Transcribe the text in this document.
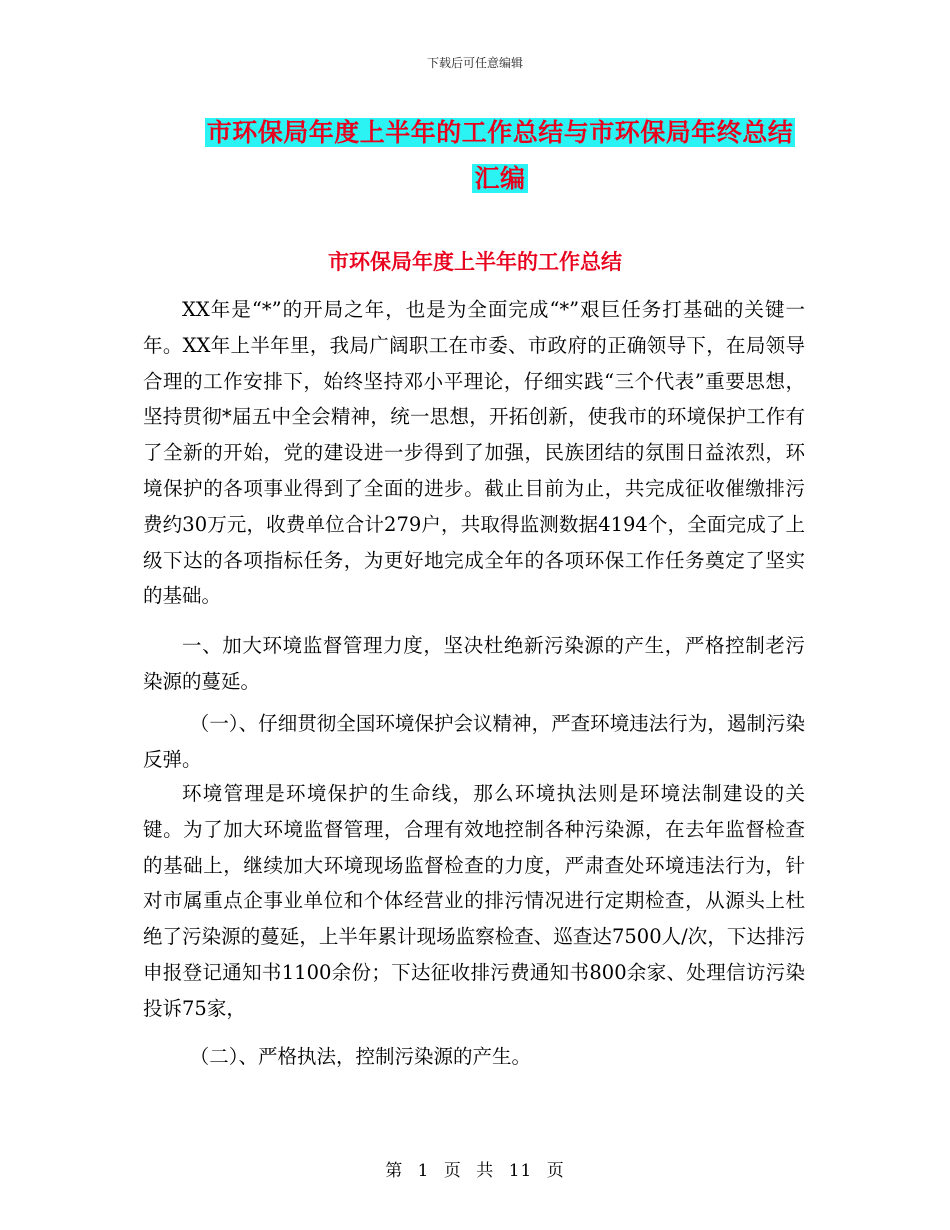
下载后可任意编辑
市环保局年度上半年的工作总结与市环保局年终总结
汇编
市环保局年度上半年的工作总结

XX年是“*”的开局之年，也是为全面完成“*”艰巨任务打基础的关键一年。XX年上半年里，我局广阔职工在市委、市政府的正确领导下，在局领导合理的工作安排下，始终坚持邓小平理论，仔细实践“三个代表”重要思想，坚持贯彻*届五中全会精神，统一思想，开拓创新，使我市的环境保护工作有了全新的开始，党的建设进一步得到了加强，民族团结的氛围日益浓烈，环境保护的各项事业得到了全面的进步。截止目前为止，共完成征收催缴排污费约30万元，收费单位合计279户，共取得监测数据4194个，全面完成了上级下达的各项指标任务，为更好地完成全年的各项环保工作任务奠定了坚实的基础。

一、加大环境监督管理力度，坚决杜绝新污染源的产生，严格控制老污染源的蔓延。

（一）、仔细贯彻全国环境保护会议精神，严查环境违法行为，遏制污染反弹。

环境管理是环境保护的生命线，那么环境执法则是环境法制建设的关键。为了加大环境监督管理，合理有效地控制各种污染源，在去年监督检查的基础上，继续加大环境现场监督检查的力度，严肃查处环境违法行为，针对市属重点企事业单位和个体经营业的排污情况进行定期检查，从源头上杜绝了污染源的蔓延，上半年累计现场监察检查、巡查达7500人/次，下达排污申报登记通知书1100余份；下达征收排污费通知书800余家、处理信访污染投诉75家，

（二）、严格执法，控制污染源的产生。

第 1 页 共 11 页
